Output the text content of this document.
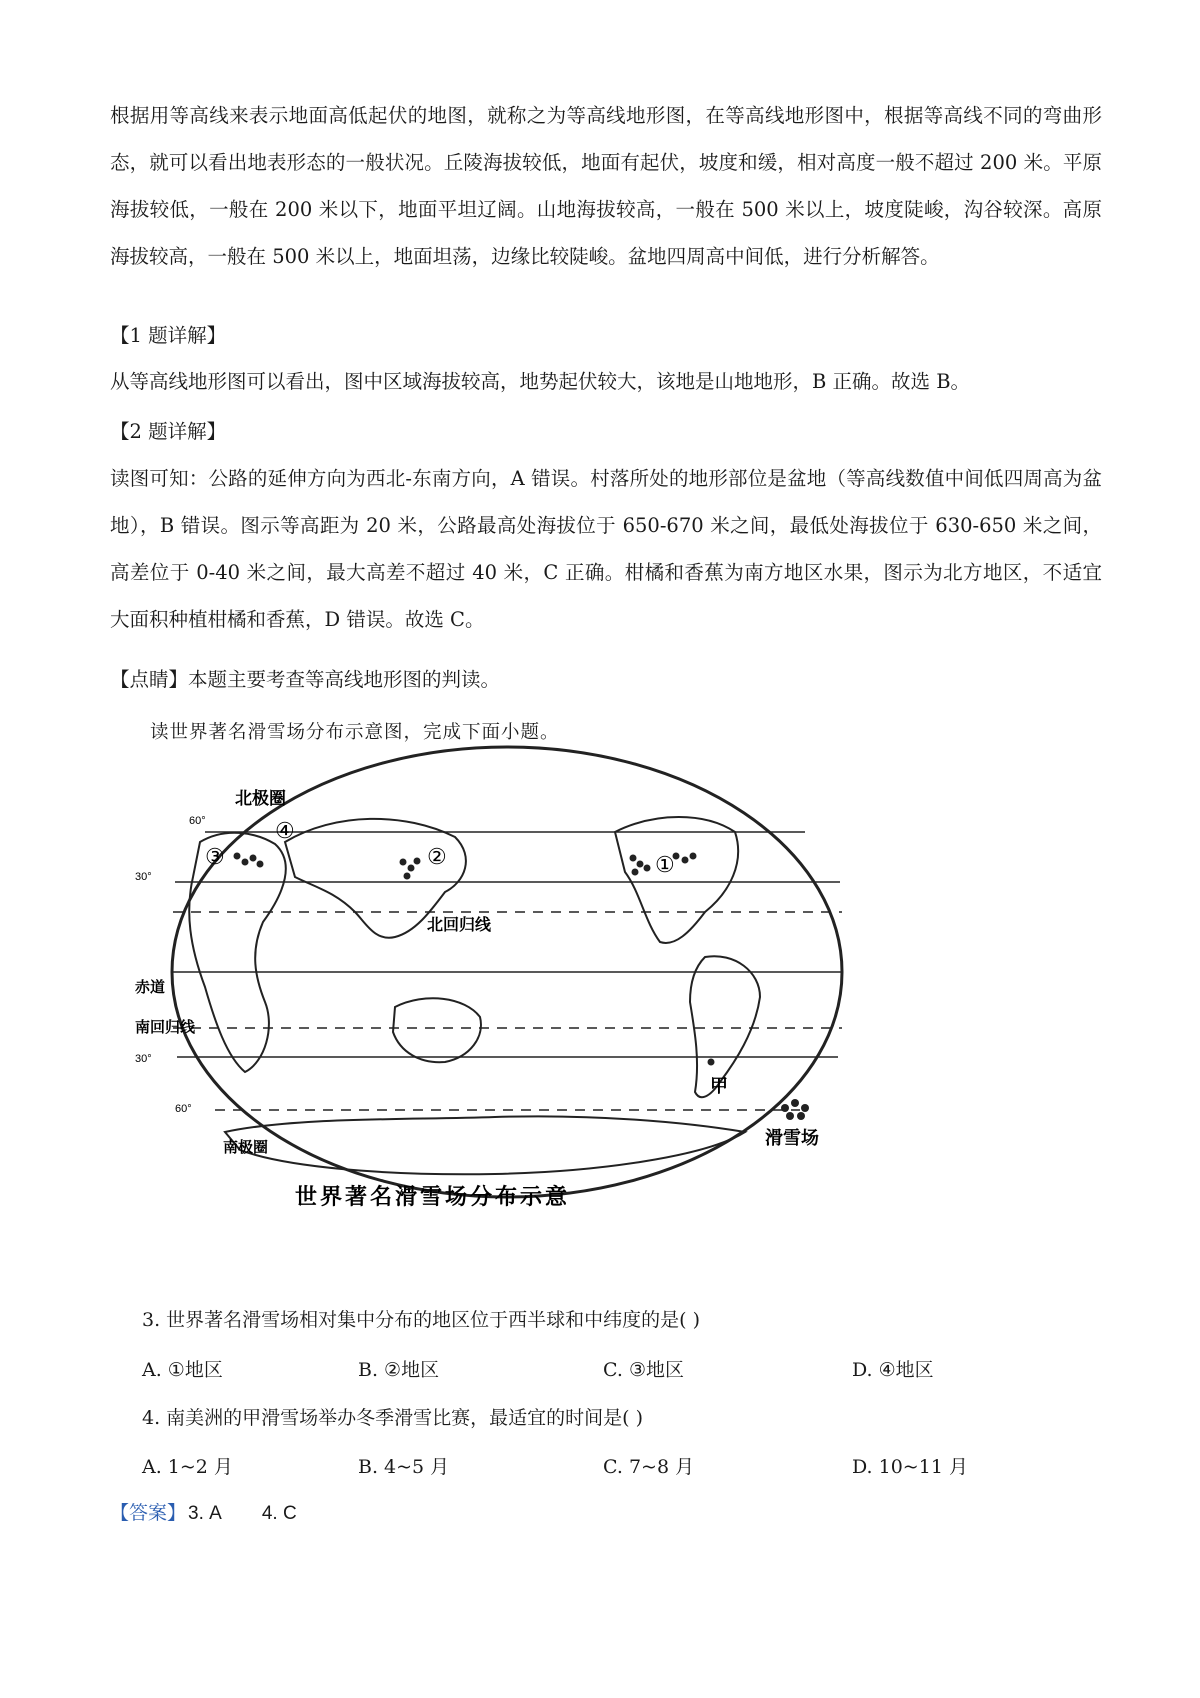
根据用等高线来表示地面高低起伏的地图，就称之为等高线地形图，在等高线地形图中，根据等高线不同的弯曲形态，就可以看出地表形态的一般状况。丘陵海拔较低，地面有起伏，坡度和缓，相对高度一般不超过 200 米。平原海拔较低，一般在 200 米以下，地面平坦辽阔。山地海拔较高，一般在 500 米以上，坡度陡峻，沟谷较深。高原海拔较高，一般在 500 米以上，地面坦荡，边缘比较陡峻。盆地四周高中间低，进行分析解答。

【1 题详解】

从等高线地形图可以看出，图中区域海拔较高，地势起伏较大，该地是山地地形，B 正确。故选 B。

【2 题详解】

读图可知：公路的延伸方向为西北-东南方向，A 错误。村落所处的地形部位是盆地（等高线数值中间低四周高为盆地），B 错误。图示等高距为 20 米，公路最高处海拔位于 650-670 米之间，最低处海拔位于 630-650 米之间，高差位于 0-40 米之间，最大高差不超过 40 米，C 正确。柑橘和香蕉为南方地区水果，图示为北方地区，不适宜大面积种植柑橘和香蕉，D 错误。故选 C。

【点睛】本题主要考查等高线地形图的判读。

读世界著名滑雪场分布示意图，完成下面小题。

北极圈
南极圈
北回归线
赤道
南回归线
60°
30°
30°
60°
①
②
③
④
甲
滑雪场
世界著名滑雪场分布示意

3. 世界著名滑雪场相对集中分布的地区位于西半球和中纬度的是( )

A. ①地区	B. ②地区	C. ③地区	D. ④地区

4. 南美洲的甲滑雪场举办冬季滑雪比赛，最适宜的时间是( )

A. 1~2 月	B. 4~5 月	C. 7~8 月	D. 10~11 月

【答案】 3. A 4. C
